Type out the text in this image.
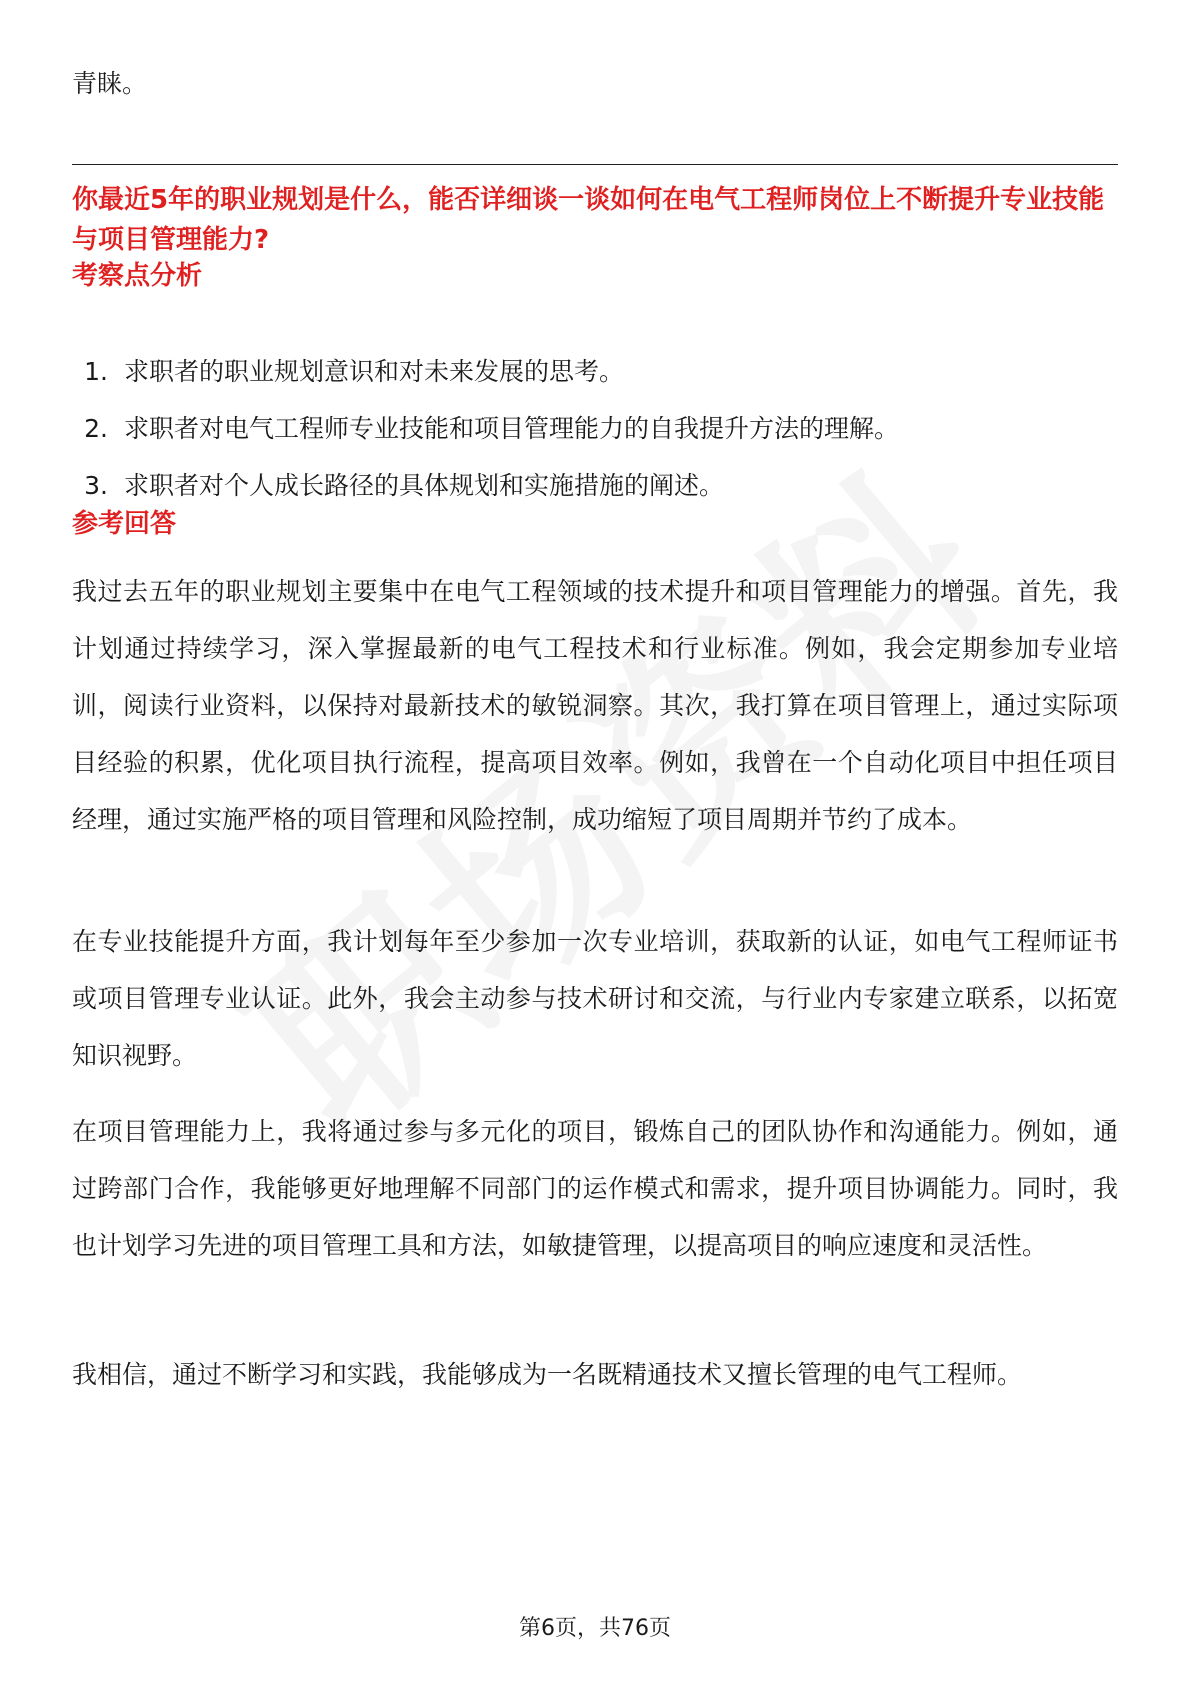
青睐。

你最近5年的职业规划是什么，能否详细谈一谈如何在电气工程师岗位上不断提升专业技能与项目管理能力?

考察点分析

1. 求职者的职业规划意识和对未来发展的思考。
2. 求职者对电气工程师专业技能和项目管理能力的自我提升方法的理解。
3. 求职者对个人成长路径的具体规划和实施措施的阐述。

参考回答

我过去五年的职业规划主要集中在电气工程领域的技术提升和项目管理能力的增强。首先，我计划通过持续学习，深入掌握最新的电气工程技术和行业标准。例如，我会定期参加专业培训，阅读行业资料，以保持对最新技术的敏锐洞察。其次，我打算在项目管理上，通过实际项目经验的积累，优化项目执行流程，提高项目效率。例如，我曾在一个自动化项目中担任项目经理，通过实施严格的项目管理和风险控制，成功缩短了项目周期并节约了成本。

在专业技能提升方面，我计划每年至少参加一次专业培训，获取新的认证，如电气工程师证书或项目管理专业认证。此外，我会主动参与技术研讨和交流，与行业内专家建立联系，以拓宽知识视野。

在项目管理能力上，我将通过参与多元化的项目，锻炼自己的团队协作和沟通能力。例如，通过跨部门合作，我能够更好地理解不同部门的运作模式和需求，提升项目协调能力。同时，我也计划学习先进的项目管理工具和方法，如敏捷管理，以提高项目的响应速度和灵活性。

我相信，通过不断学习和实践，我能够成为一名既精通技术又擅长管理的电气工程师。

第6页，共76页
